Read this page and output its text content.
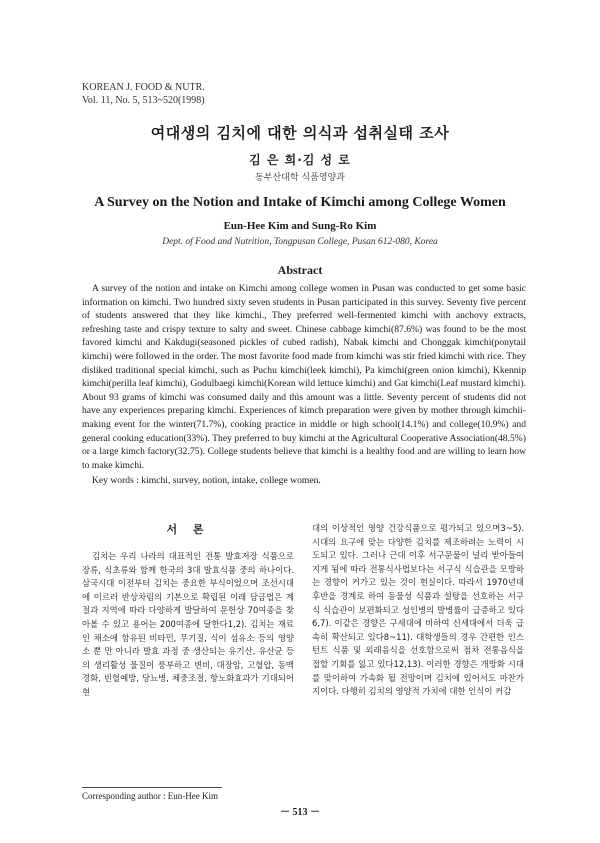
KOREAN J. FOOD & NUTR.
Vol. 11, No. 5, 513~520(1998)
여대생의 김치에 대한 의식과 섭취실태 조사
김 은 희·김 성 로
동부산대학 식품영양과
A Survey on the Notion and Intake of Kimchi among College Women
Eun-Hee Kim and Sung-Ro Kim
Dept. of Food and Nutrition, Tongpusan College, Pusan 612-080, Korea
Abstract

A survey of the notion and intake on Kimchi among college women in Pusan was conducted to get some basic information on kimchi. Two hundred sixty seven students in Pusan participated in this survey. Seventy five percent of students answered that they like kimchi., They preferred well-fermented kimchi with anchovy extracts, refreshing taste and crispy texture to salty and sweet. Chinese cabbage kimchi(87.6%) was found to be the most favored kimchi and Kakdugi(seasoned pickles of cubed radish), Nabak kimchi and Chonggak kimchi(ponytail kimchi) were followed in the order. The most favorite food made from kimchi was stir fried kimchi with rice. They disliked traditional special kimchi, such as Puchu kimchi(leek kimchi), Pa kimchi(green onion kimchi), Kkennip kimchi(perilla leaf kimchi), Godulbaegi kimchi(Korean wild lettuce kimchi) and Gat kimchi(Leaf mustard kimchi). About 93 grams of kimchi was consumed daily and this amount was a little. Seventy percent of students did not have any experiences preparing kimchi. Experiences of kimch preparation were given by mother through kimchii-making event for the winter(71.7%), cooking practice in middle or high school(14.1%) and college(10.9%) and general cooking education(33%). They preferred to buy kimchi at the Agricultural Cooperative Association(48.5%) or a large kimch factory(32.75). College students believe that kimchi is a healthy food and are willing to learn how to make kimchi.

Key words : kimchi, survey, notion, intake, college women.

서 론

김치는 우리 나라의 대표적인 전통 발효저장 식품으로 장류, 식초류와 함께 한국의 3대 발효식품 중의 하나이다. 삼국시대 이전부터 김치는 중요한 부식이었으며 조선시대에 이르러 반상차림의 기본으로 확립된 이래 담금법은 계절과 지역에 따라 다양하게 발달하여 문헌상 70여종을 찾아볼 수 있고 용어는 200여종에 달한다1,2). 김치는 재료인 채소에 함유된 비타민, 무기질, 식이 섬유소 등의 영양소 뿐 만 아니라 발효 과정 중 생산되는 유기산, 유산균 등의 생리활성 물질이 풍부하고 변비, 대장암, 고혈압, 동맥경화, 빈혈예방, 당뇨병, 체중조절, 항노화효과가 기대되어 현

대의 이상적인 영양 건강식품으로 평가되고 있으며3~5). 시대의 요구에 맞는 다양한 김치를 제조하려는 노력이 시도되고 있다. 그러나 근대 이후 서구문물이 널리 받아들여지게 됨에 따라 전통식사법보다는 서구식 식습관을 모방하는 경향이 커가고 있는 것이 현실이다. 따라서 1970년대 후반을 경계로 하여 동물성 식품과 설탕을 선호하는 서구식 식습관이 보편화되고 성인병의 발병률이 급증하고 있다6,7). 이같은 경향은 구세대에 비하여 신세대에서 더욱 급속히 확산되고 있다8~11). 대학생들의 경우 간편한 인스턴트 식품 및 외래음식을 선호함으로써 점차 전통음식을 접할 기회를 잃고 있다12,13). 이러한 경향은 개방화 시대를 맞이하여 가속화 될 전망이며 김치에 있어서도 마찬가지이다. 다행히 김치의 영양적 가치에 대한 인식이 커감

Corresponding author : Eun-Hee Kim
－ 513 －
